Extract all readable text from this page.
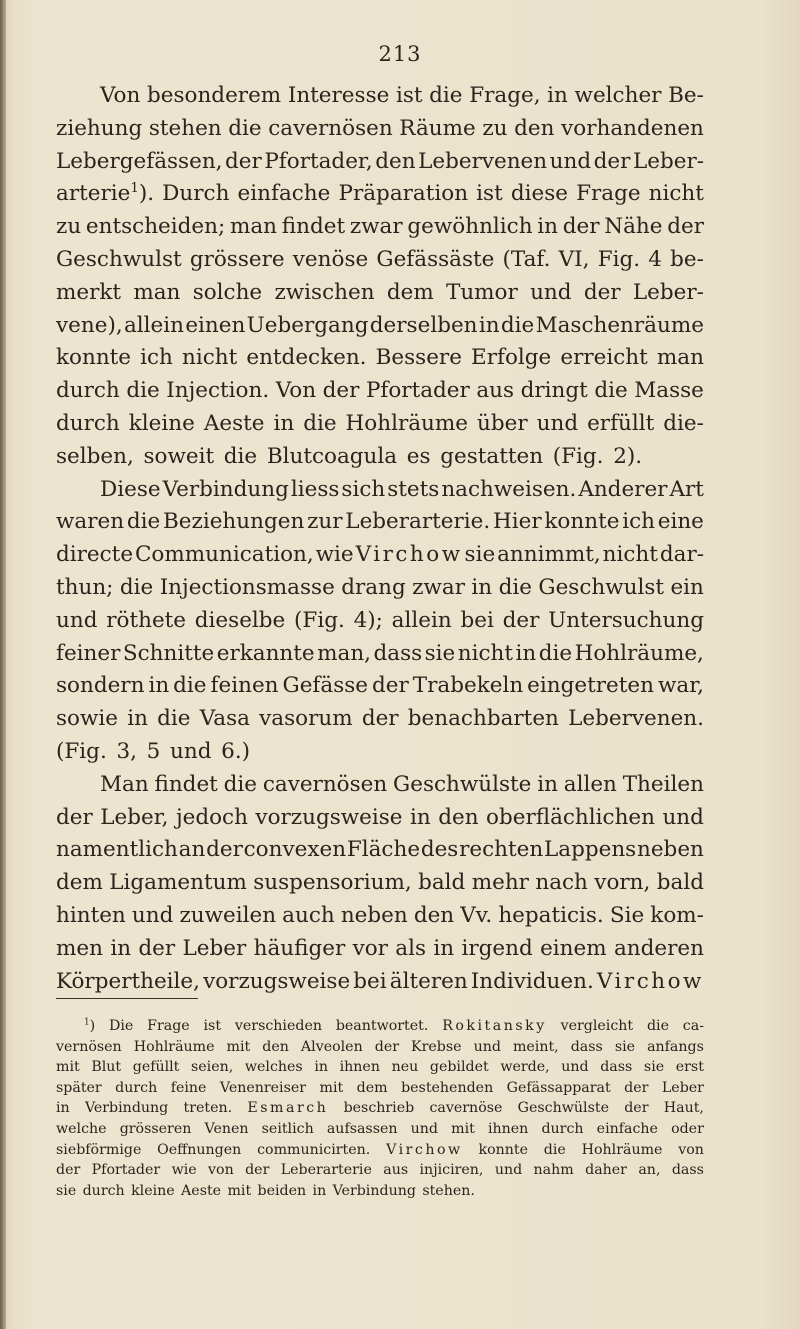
213
Von besonderem Interesse ist die Frage, in welcher Be-
ziehung stehen die cavernösen Räume zu den vorhandenen
Lebergefässen, der Pfortader, den Lebervenen und der Leber-
arterie$^1$). Durch einfache Präparation ist diese Frage nicht
zu entscheiden; man findet zwar gewöhnlich in der Nähe der
Geschwulst grössere venöse Gefässäste (Taf. VI, Fig. 4 be-
merkt man solche zwischen dem Tumor und der Leber-
vene), allein einen Uebergang derselben in die Maschenräume
konnte ich nicht entdecken. Bessere Erfolge erreicht man
durch die Injection. Von der Pfortader aus dringt die Masse
durch kleine Aeste in die Hohlräume über und erfüllt die-
selben, soweit die Blutcoagula es gestatten (Fig. 2).
Diese Verbindung liess sich stets nachweisen. Anderer Art
waren die Beziehungen zur Leberarterie. Hier konnte ich eine
directe Communication, wie Virchow sie annimmt, nicht dar-
thun; die Injectionsmasse drang zwar in die Geschwulst ein
und röthete dieselbe (Fig. 4); allein bei der Untersuchung
feiner Schnitte erkannte man, dass sie nicht in die Hohlräume,
sondern in die feinen Gefässe der Trabekeln eingetreten war,
sowie in die Vasa vasorum der benachbarten Lebervenen.
(Fig. 3, 5 und 6.)
Man findet die cavernösen Geschwülste in allen Theilen
der Leber, jedoch vorzugsweise in den oberflächlichen und
namentlich an der convexen Fläche des rechten Lappens neben
dem Ligamentum suspensorium, bald mehr nach vorn, bald
hinten und zuweilen auch neben den Vv. hepaticis. Sie kom-
men in der Leber häufiger vor als in irgend einem anderen
Körpertheile, vorzugsweise bei älteren Individuen. Virchow
$^1$) Die Frage ist verschieden beantwortet. Rokitansky vergleicht die ca-
vernösen Hohlräume mit den Alveolen der Krebse und meint, dass sie anfangs
mit Blut gefüllt seien, welches in ihnen neu gebildet werde, und dass sie erst
später durch feine Venenreiser mit dem bestehenden Gefässapparat der Leber
in Verbindung treten. Esmarch beschrieb cavernöse Geschwülste der Haut,
welche grösseren Venen seitlich aufsassen und mit ihnen durch einfache oder
siebförmige Oeffnungen communicirten. Virchow konnte die Hohlräume von
der Pfortader wie von der Leberarterie aus injiciren, und nahm daher an, dass
sie durch kleine Aeste mit beiden in Verbindung stehen.
